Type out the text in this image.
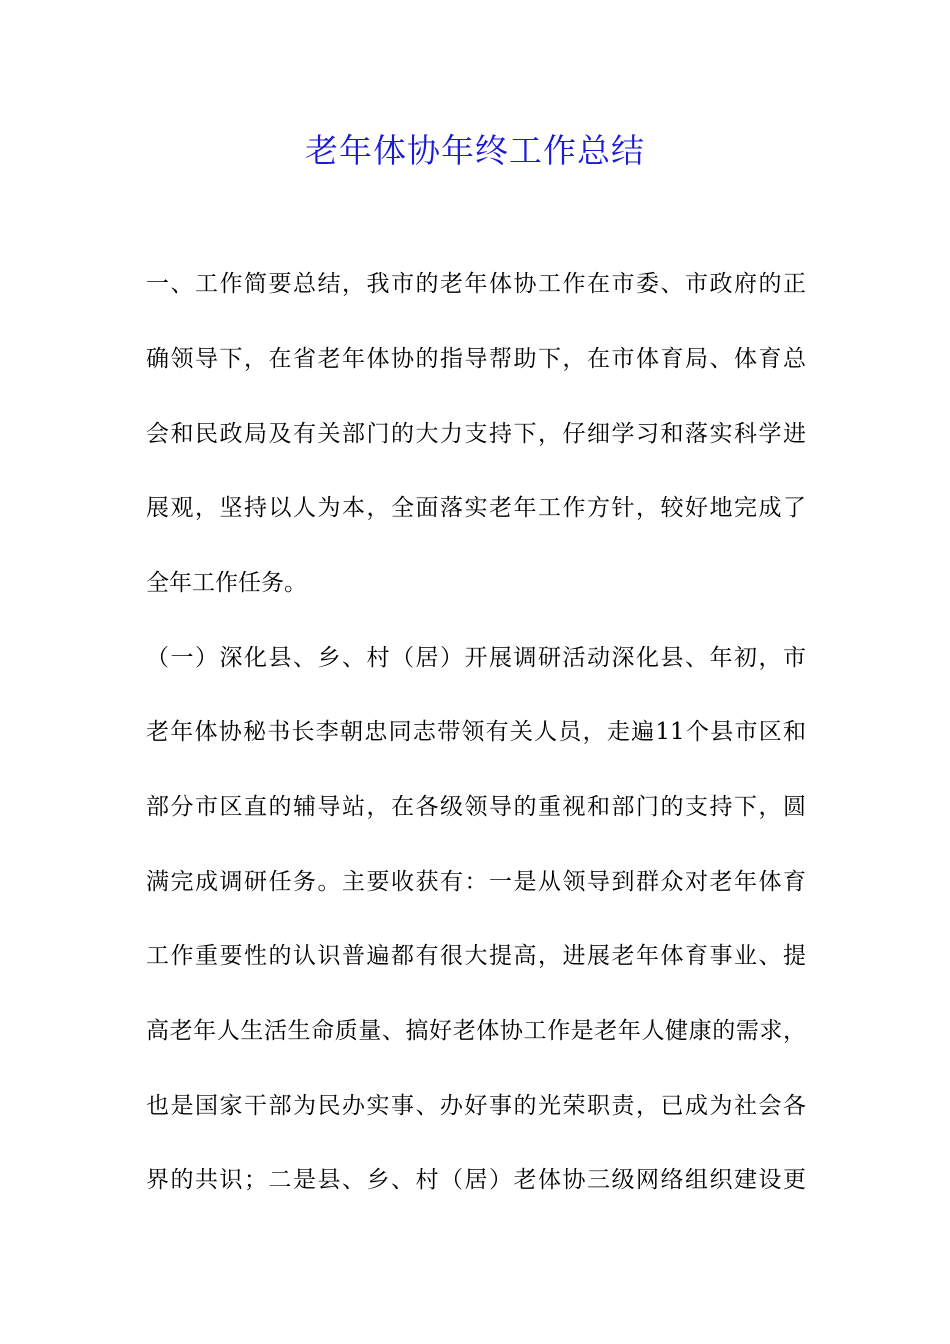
老年体协年终工作总结
一、工作简要总结，我市的老年体协工作在市委、市政府的正
确领导下，在省老年体协的指导帮助下，在市体育局、体育总
会和民政局及有关部门的大力支持下，仔细学习和落实科学进
展观，坚持以人为本，全面落实老年工作方针，较好地完成了
全年工作任务。
（一）深化县、乡、村（居）开展调研活动深化县、年初，市
老年体协秘书长李朝忠同志带领有关人员，走遍11个县市区和
部分市区直的辅导站，在各级领导的重视和部门的支持下，圆
满完成调研任务。主要收获有：一是从领导到群众对老年体育
工作重要性的认识普遍都有很大提高，进展老年体育事业、提
高老年人生活生命质量、搞好老体协工作是老年人健康的需求，
也是国家干部为民办实事、办好事的光荣职责，已成为社会各
界的共识；二是县、乡、村（居）老体协三级网络组织建设更
